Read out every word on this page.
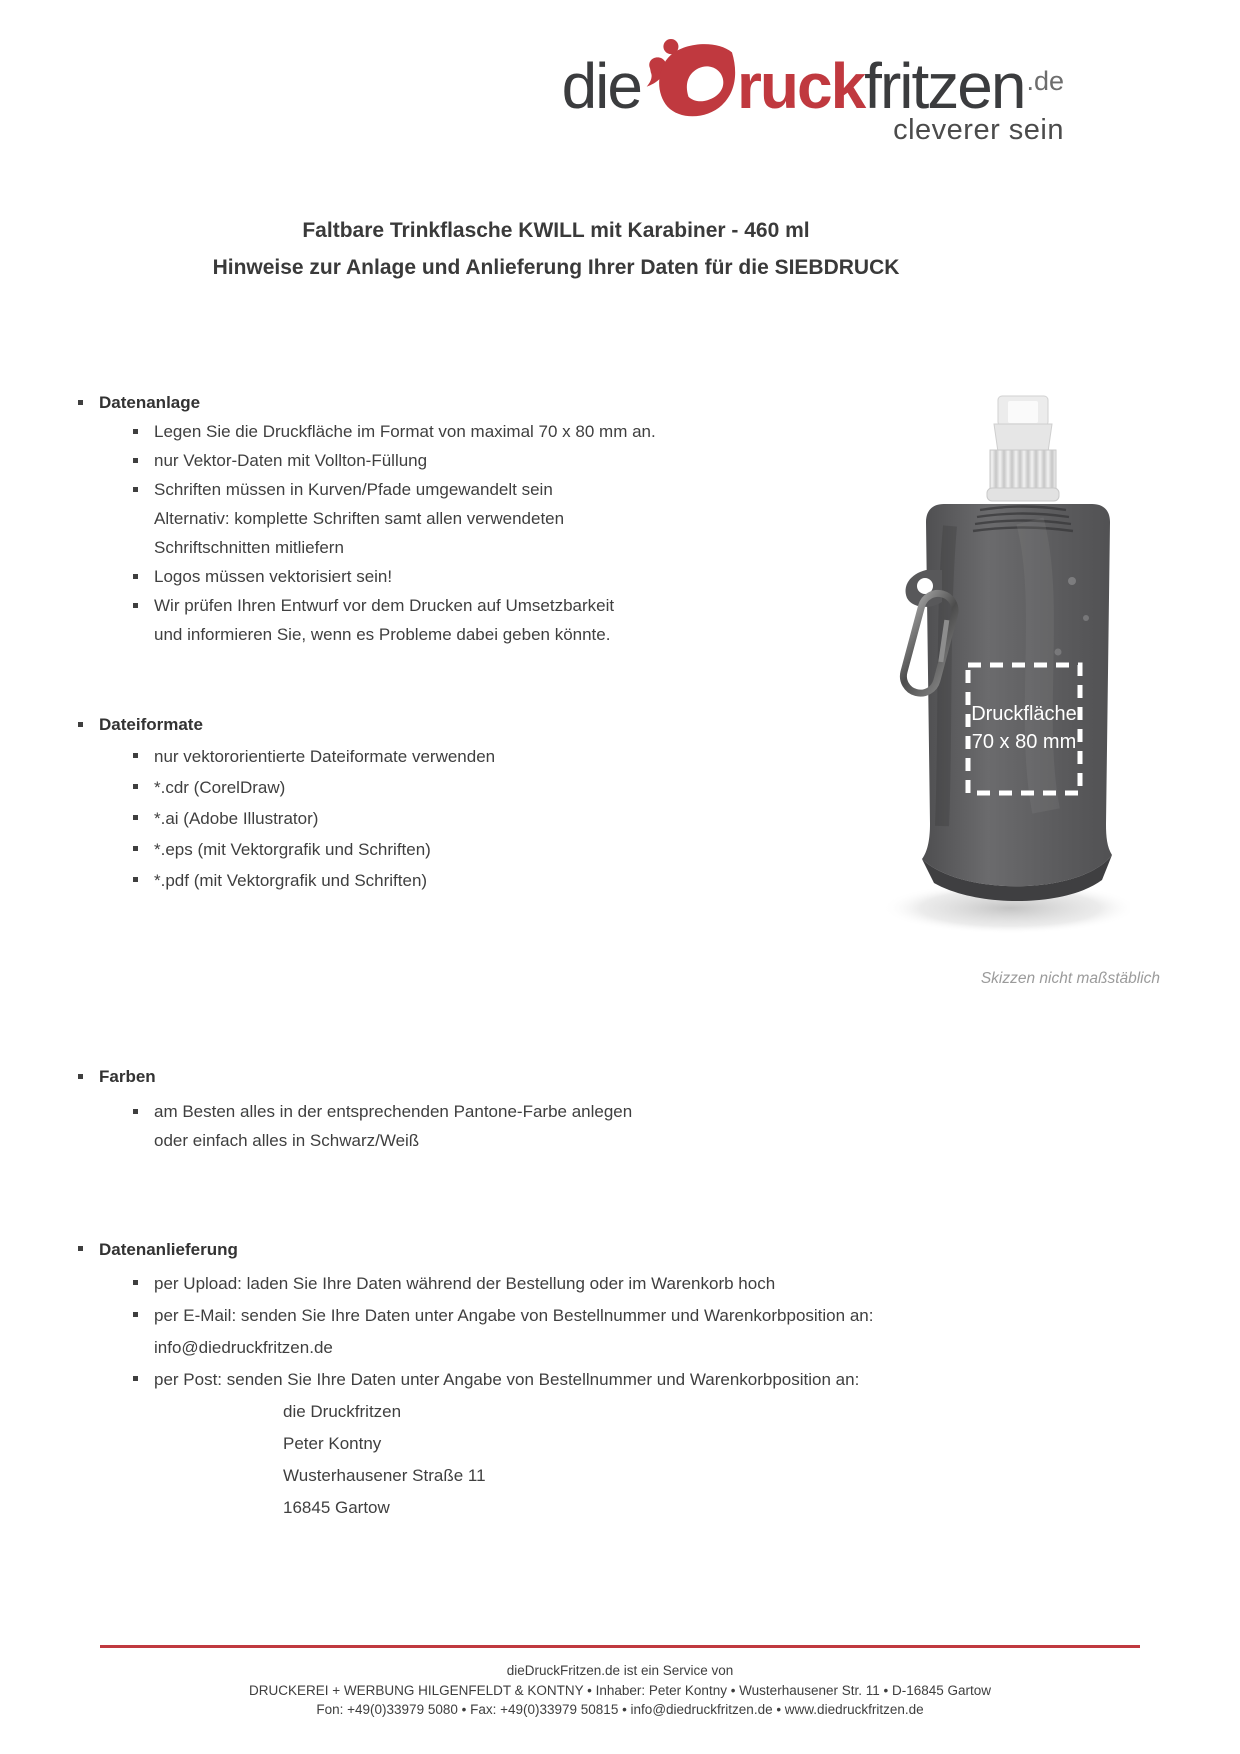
die ruck fritzen .de
cleverer sein
Faltbare Trinkflasche KWILL mit Karabiner - 460 ml
Hinweise zur Anlage und Anlieferung Ihrer Daten für die SIEBDRUCK
Datenanlage
Legen Sie die Druckfläche im Format von maximal 70 x 80 mm an.
nur Vektor-Daten mit Vollton-Füllung
Schriften müssen in Kurven/Pfade umgewandelt sein
Alternativ: komplette Schriften samt allen verwendeten
Schriftschnitten mitliefern
Logos müssen vektorisiert sein!
Wir prüfen Ihren Entwurf vor dem Drucken auf Umsetzbarkeit
und informieren Sie, wenn es Probleme dabei geben könnte.
Dateiformate
nur vektororientierte Dateiformate verwenden
*.cdr (CorelDraw)
*.ai (Adobe Illustrator)
*.eps (mit Vektorgrafik und Schriften)
*.pdf (mit Vektorgrafik und Schriften)
Farben
am Besten alles in der entsprechenden Pantone-Farbe anlegen
oder einfach alles in Schwarz/Weiß
Datenanlieferung
per Upload: laden Sie Ihre Daten während der Bestellung oder im Warenkorb hoch
per E-Mail: senden Sie Ihre Daten unter Angabe von Bestellnummer und Warenkorbposition an:
info@diedruckfritzen.de
per Post: senden Sie Ihre Daten unter Angabe von Bestellnummer und Warenkorbposition an:
die Druckfritzen
Peter Kontny
Wusterhausener Straße 11
16845 Gartow
Druckfläche
70 x 80 mm
Skizzen nicht maßstäblich
dieDruckFritzen.de ist ein Service von
DRUCKEREI + WERBUNG HILGENFELDT & KONTNY • Inhaber: Peter Kontny • Wusterhausener Str. 11 • D-16845 Gartow
Fon: +49(0)33979 5080 • Fax: +49(0)33979 50815 • info@diedruckfritzen.de • www.diedruckfritzen.de
